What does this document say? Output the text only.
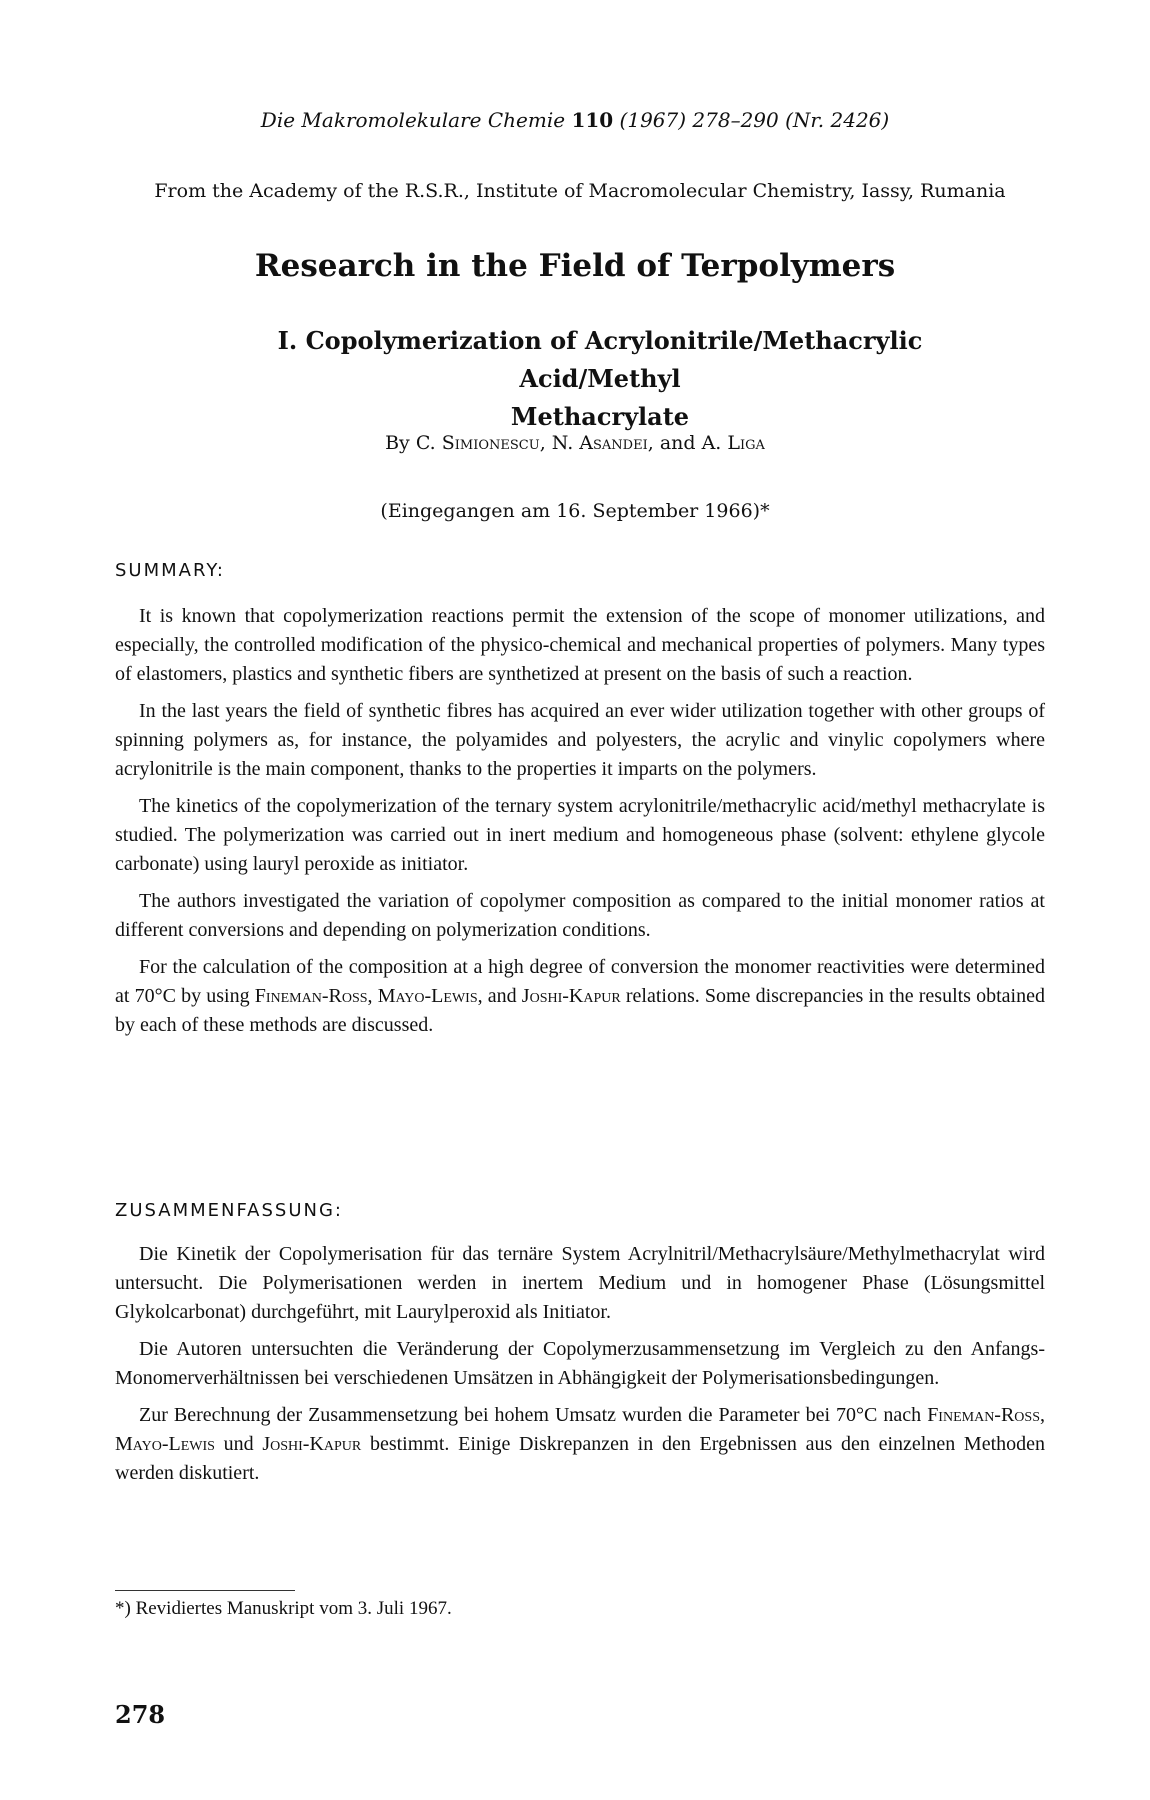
Die Makromolekulare Chemie 110 (1967) 278–290 (Nr. 2426)
From the Academy of the R.S.R., Institute of Macromolecular Chemistry, Iassy, Rumania
Research in the Field of Terpolymers
I. Copolymerization of Acrylonitrile/Methacrylic Acid/Methyl
Methacrylate
By C. Simionescu, N. Asandei, and A. Liga
(Eingegangen am 16. September 1966)*
SUMMARY:

It is known that copolymerization reactions permit the extension of the scope of monomer utilizations, and especially, the controlled modification of the physico-chemical and mechanical properties of polymers. Many types of elastomers, plastics and synthetic fibers are synthetized at present on the basis of such a reaction.

In the last years the field of synthetic fibres has acquired an ever wider utilization together with other groups of spinning polymers as, for instance, the polyamides and polyesters, the acrylic and vinylic copolymers where acrylonitrile is the main component, thanks to the properties it imparts on the polymers.

The kinetics of the copolymerization of the ternary system acrylonitrile/methacrylic acid/methyl methacrylate is studied. The polymerization was carried out in inert medium and homogeneous phase (solvent: ethylene glycole carbonate) using lauryl peroxide as initiator.

The authors investigated the variation of copolymer composition as compared to the initial monomer ratios at different conversions and depending on polymerization conditions.

For the calculation of the composition at a high degree of conversion the monomer reactivities were determined at 70°C by using Fineman-Ross, Mayo-Lewis, and Joshi-Kapur relations. Some discrepancies in the results obtained by each of these methods are discussed.

ZUSAMMENFASSUNG:

Die Kinetik der Copolymerisation für das ternäre System Acrylnitril/Methacrylsäure/Methylmethacrylat wird untersucht. Die Polymerisationen werden in inertem Medium und in homogener Phase (Lösungsmittel Glykolcarbonat) durchgeführt, mit Laurylperoxid als Initiator.

Die Autoren untersuchten die Veränderung der Copolymerzusammensetzung im Vergleich zu den Anfangs-Monomerverhältnissen bei verschiedenen Umsätzen in Abhängigkeit der Polymerisationsbedingungen.

Zur Berechnung der Zusammensetzung bei hohem Umsatz wurden die Parameter bei 70°C nach Fineman-Ross, Mayo-Lewis und Joshi-Kapur bestimmt. Einige Diskrepanzen in den Ergebnissen aus den einzelnen Methoden werden diskutiert.

*) Revidiertes Manuskript vom 3. Juli 1967.
278
